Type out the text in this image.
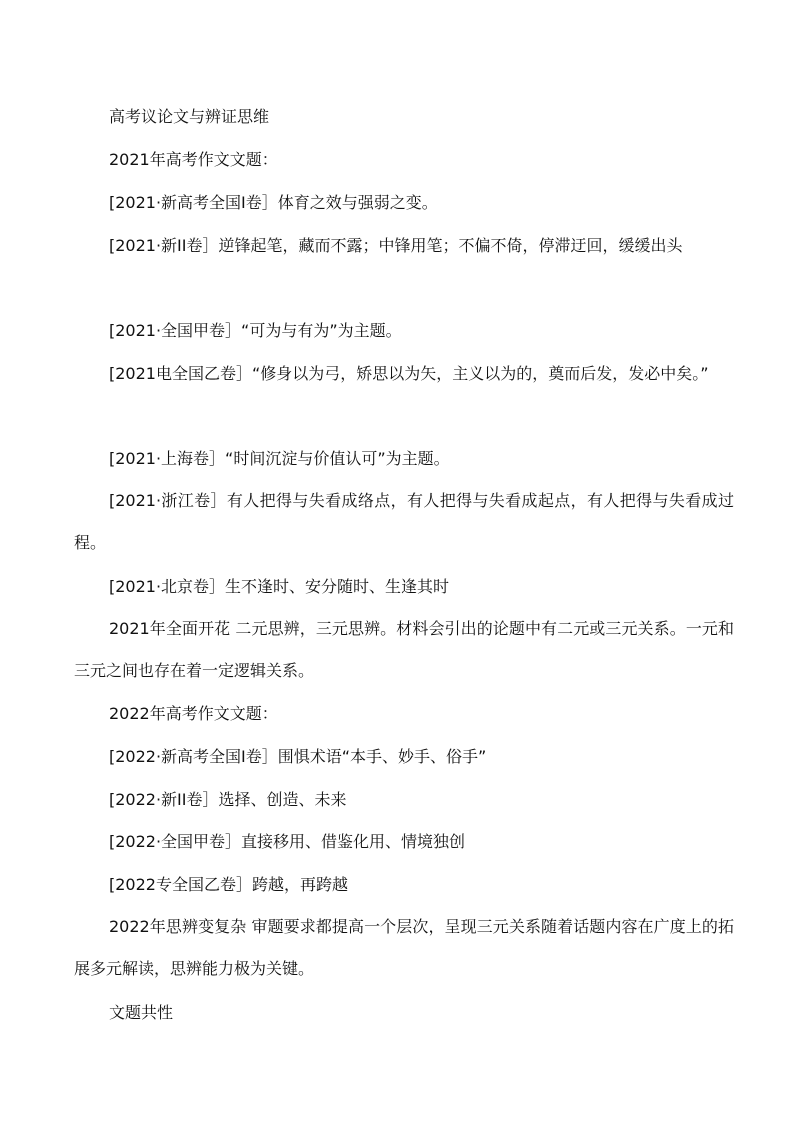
高考议论文与辨证思维

2021年高考作文文题：

[2021·新高考全国Ⅰ卷］体育之效与强弱之变。

[2021·新II卷］逆锋起笔，藏而不露；中锋用笔；不偏不倚，停滞迂回，缓缓出头

[2021·全国甲卷］“可为与有为”为主题。

[2021电全国乙卷］“修身以为弓，矫思以为矢，主义以为的，奠而后发，发必中矣。”

[2021·上海卷］“时间沉淀与价值认可”为主题。

[2021·浙江卷］有人把得与失看成络点，有人把得与失看成起点，有人把得与失看成过程。

[2021·北京卷］生不逢时、安分随时、生逢其时

2021年全面开花 二元思辨，三元思辨。材料会引出的论题中有二元或三元关系。一元和三元之间也存在着一定逻辑关系。

2022年高考作文文题：

[2022·新高考全国Ⅰ卷］围惧术语“本手、妙手、俗手”

[2022·新II卷］选择、创造、未来

[2022·全国甲卷］直接移用、借鉴化用、情境独创

[2022专全国乙卷］跨越，再跨越

2022年思辨变复杂 审题要求都提高一个层次，呈现三元关系随着话题内容在广度上的拓展多元解读，思辨能力极为关键。

文题共性
